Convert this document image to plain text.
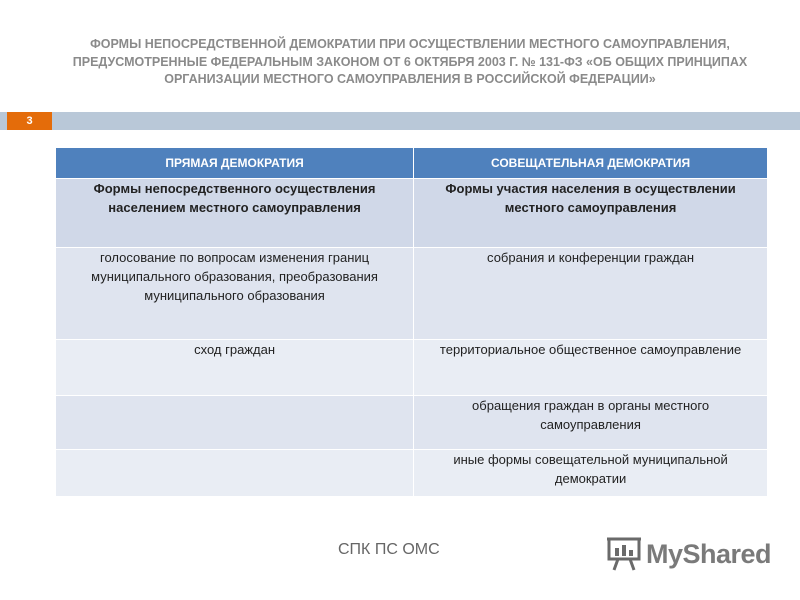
ФОРМЫ НЕПОСРЕДСТВЕННОЙ ДЕМОКРАТИИ ПРИ ОСУЩЕСТВЛЕНИИ МЕСТНОГО САМОУПРАВЛЕНИЯ, ПРЕДУСМОТРЕННЫЕ ФЕДЕРАЛЬНЫМ ЗАКОНОМ ОТ 6 ОКТЯБРЯ 2003 Г. № 131-ФЗ «ОБ ОБЩИХ ПРИНЦИПАХ ОРГАНИЗАЦИИ МЕСТНОГО САМОУПРАВЛЕНИЯ В РОССИЙСКОЙ ФЕДЕРАЦИИ»
3
ПРЯМАЯ ДЕМОКРАТИЯ	СОВЕЩАТЕЛЬНАЯ ДЕМОКРАТИЯ
Формы непосредственного осуществления населением местного самоуправления	Формы участия населения в осуществлении местного самоуправления
голосование по вопросам изменения границ муниципального образования, преобразования муниципального образования	собрания и конференции граждан
сход граждан	территориальное общественное самоуправление
	обращения граждан в органы местного самоуправления
	иные формы совещательной муниципальной демократии
СПК ПС ОМС	MyShared
